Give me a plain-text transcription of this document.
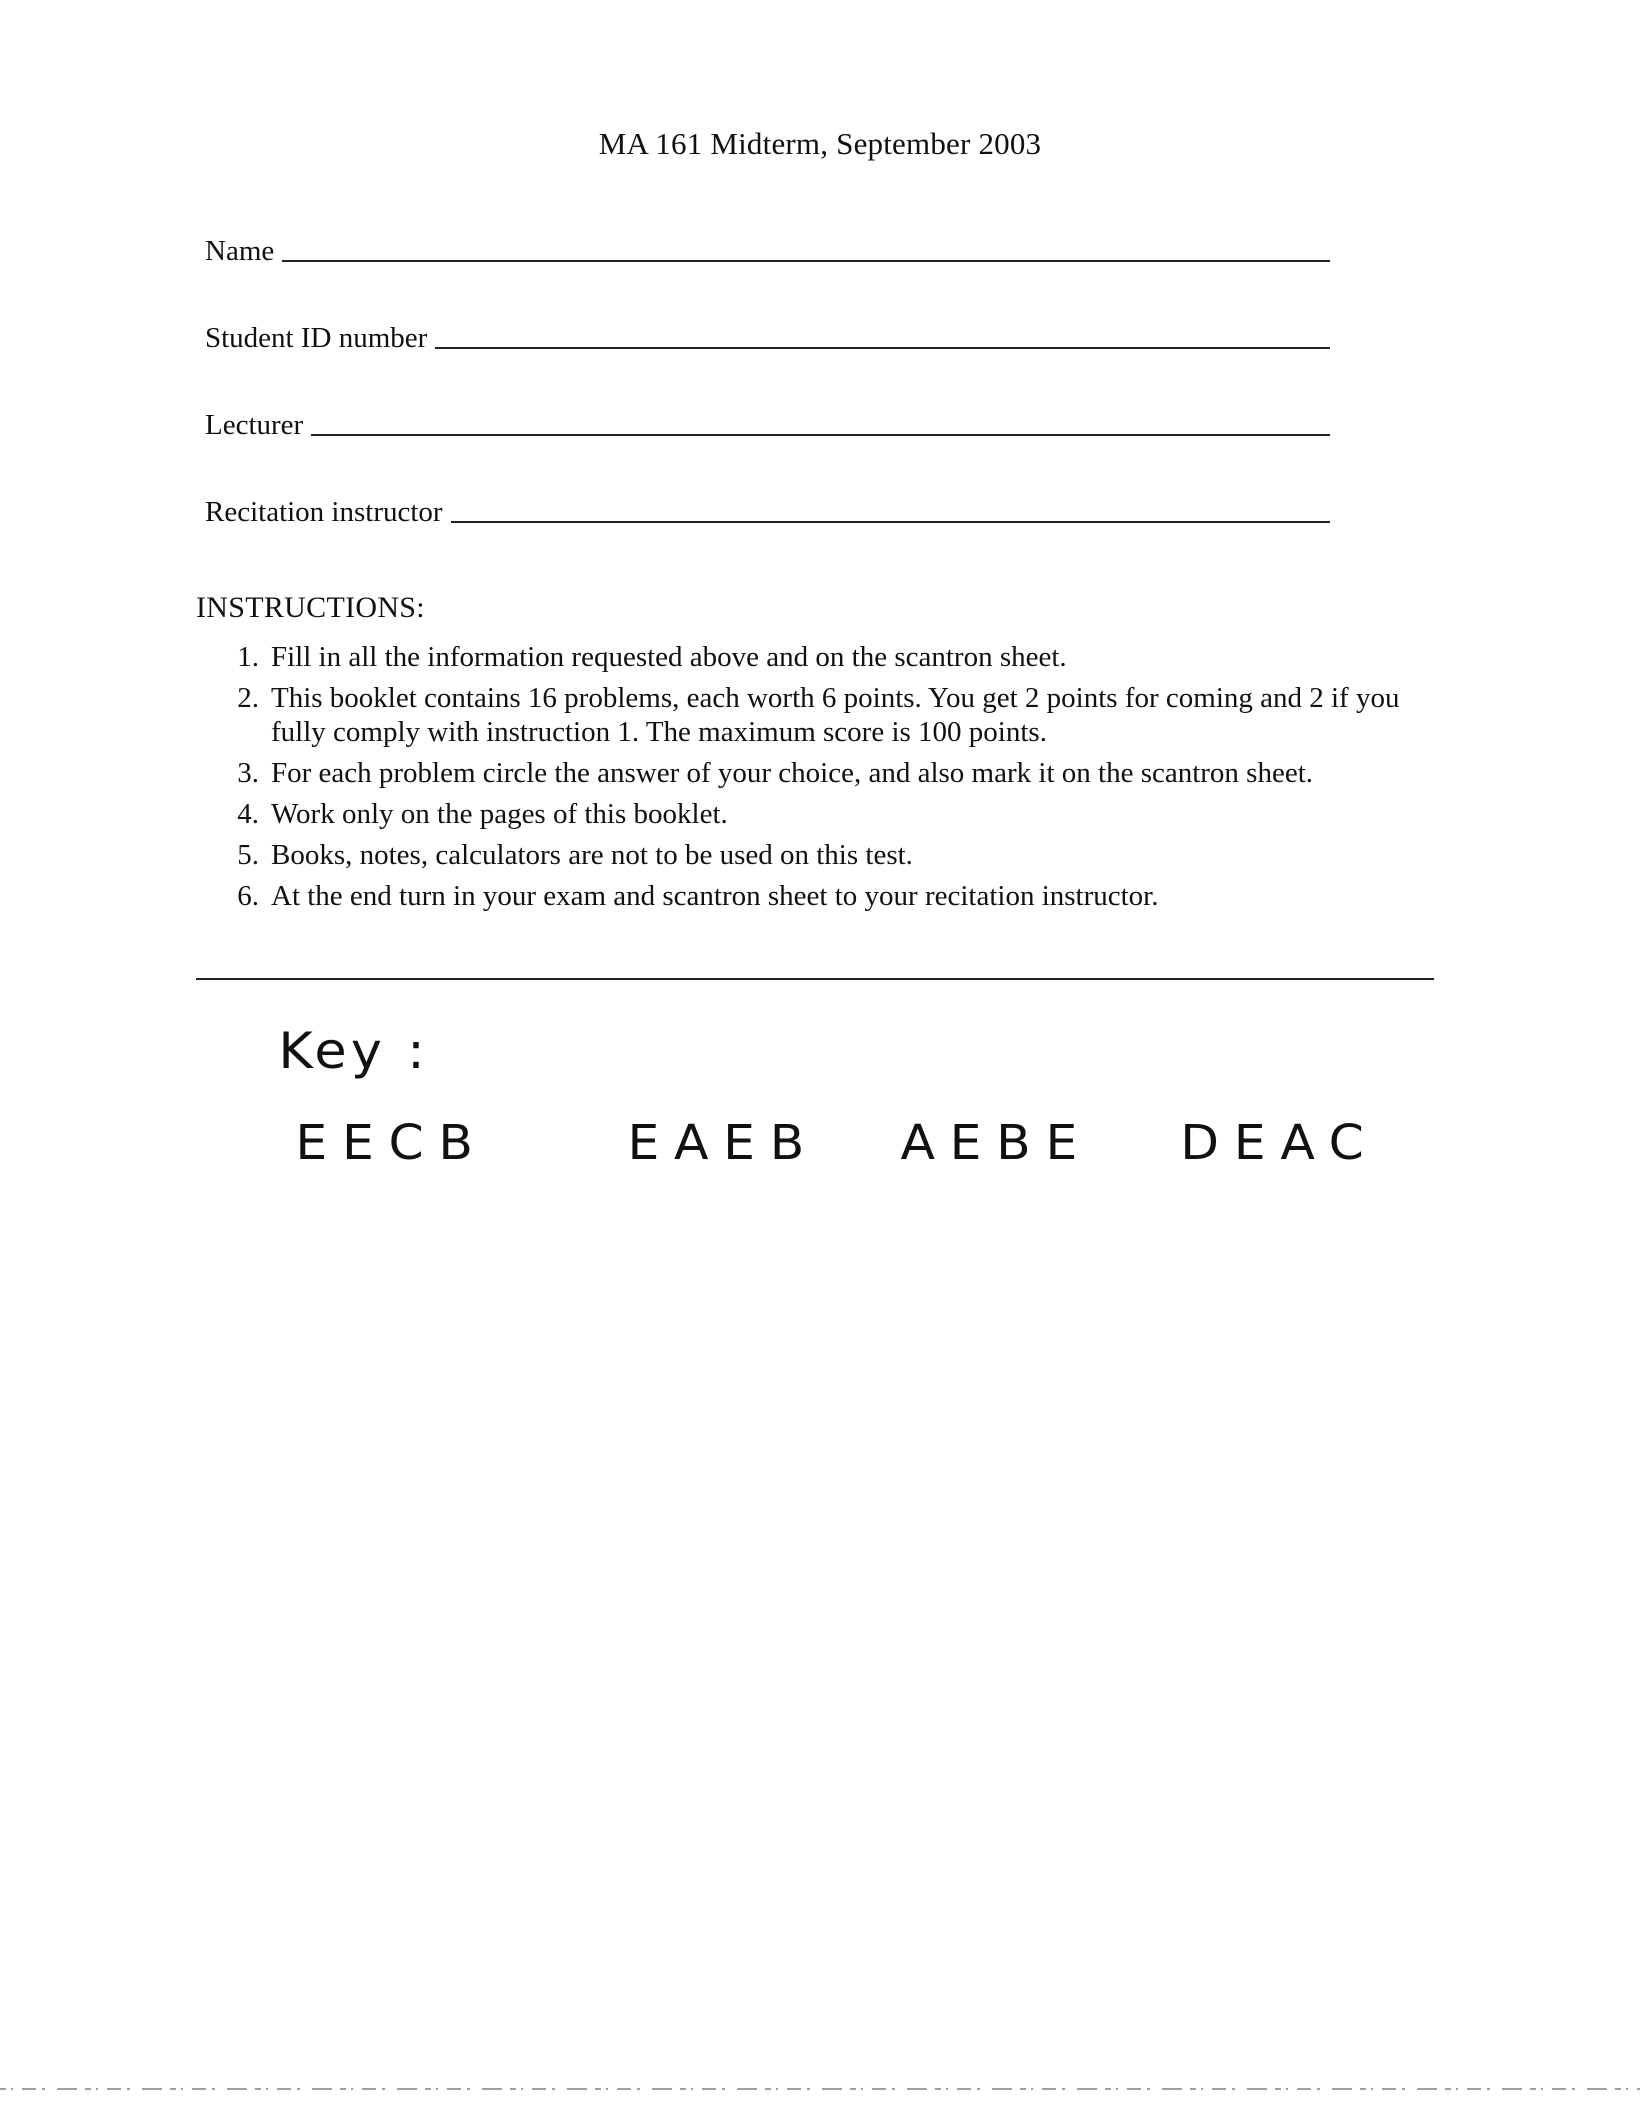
MA 161 Midterm, September 2003
Name
Student ID number
Lecturer
Recitation instructor
INSTRUCTIONS:
1. Fill in all the information requested above and on the scantron sheet.
2. This booklet contains 16 problems, each worth 6 points. You get 2 points for coming and 2 if you fully comply with instruction 1. The maximum score is 100 points.
3. For each problem circle the answer of your choice, and also mark it on the scantron sheet.
4. Work only on the pages of this booklet.
5. Books, notes, calculators are not to be used on this test.
6. At the end turn in your exam and scantron sheet to your recitation instructor.
Key :
EECB	EAEB AEBE DEAC
